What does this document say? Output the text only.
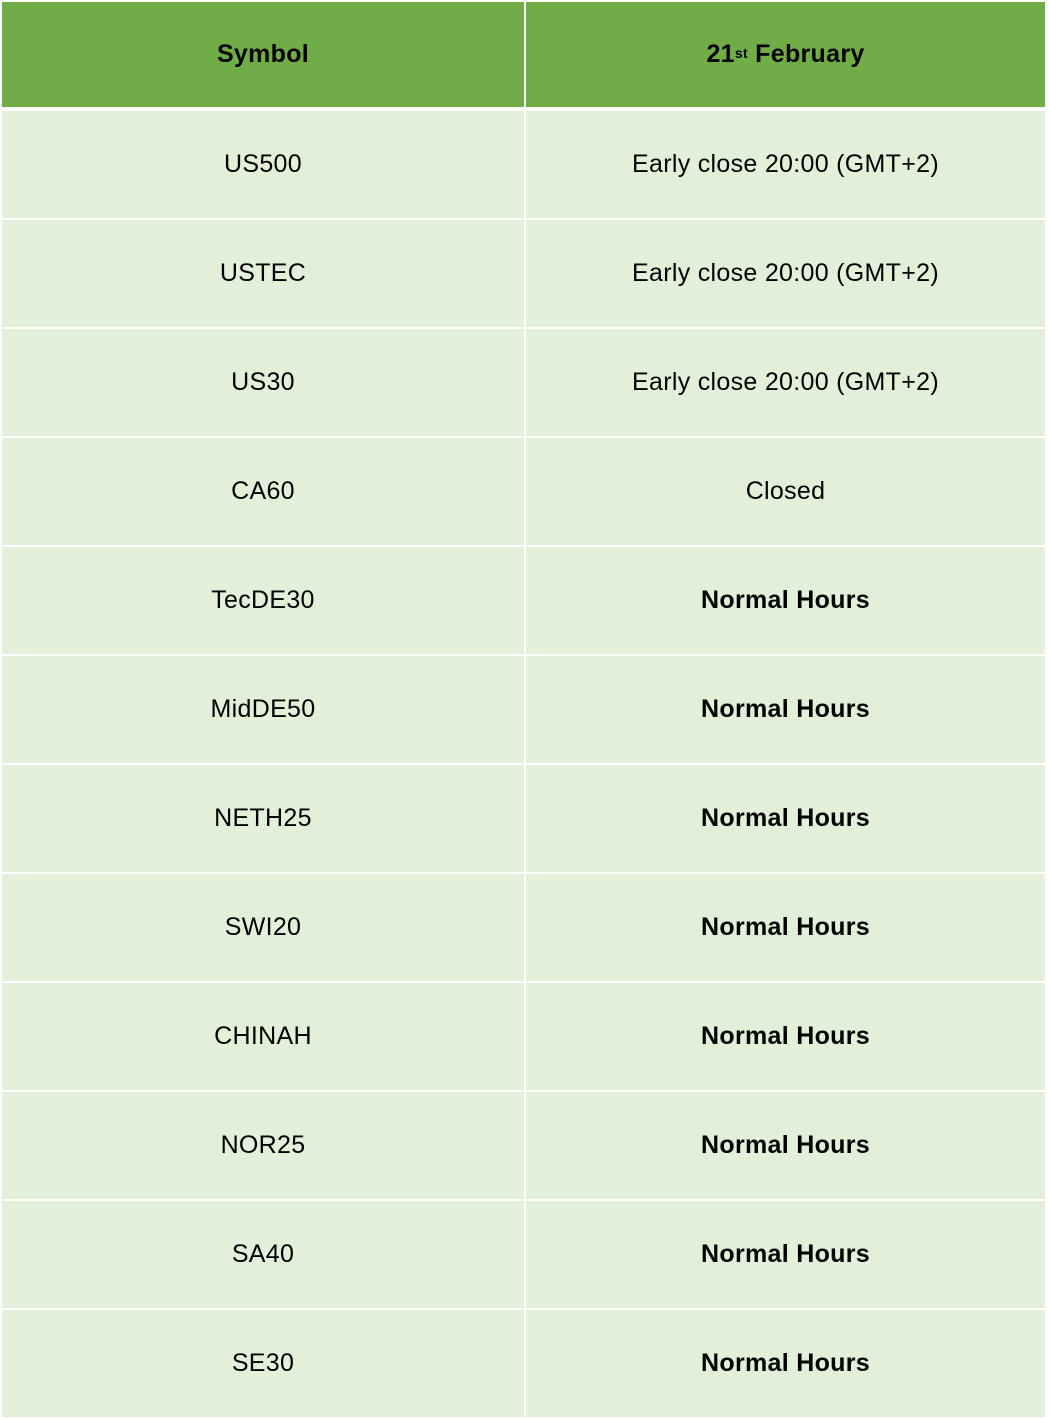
Symbol	21st February
US500	Early close 20:00 (GMT+2)
USTEC	Early close 20:00 (GMT+2)
US30	Early close 20:00 (GMT+2)
CA60	Closed
TecDE30	Normal Hours
MidDE50	Normal Hours
NETH25	Normal Hours
SWI20	Normal Hours
CHINAH	Normal Hours
NOR25	Normal Hours
SA40	Normal Hours
SE30	Normal Hours
